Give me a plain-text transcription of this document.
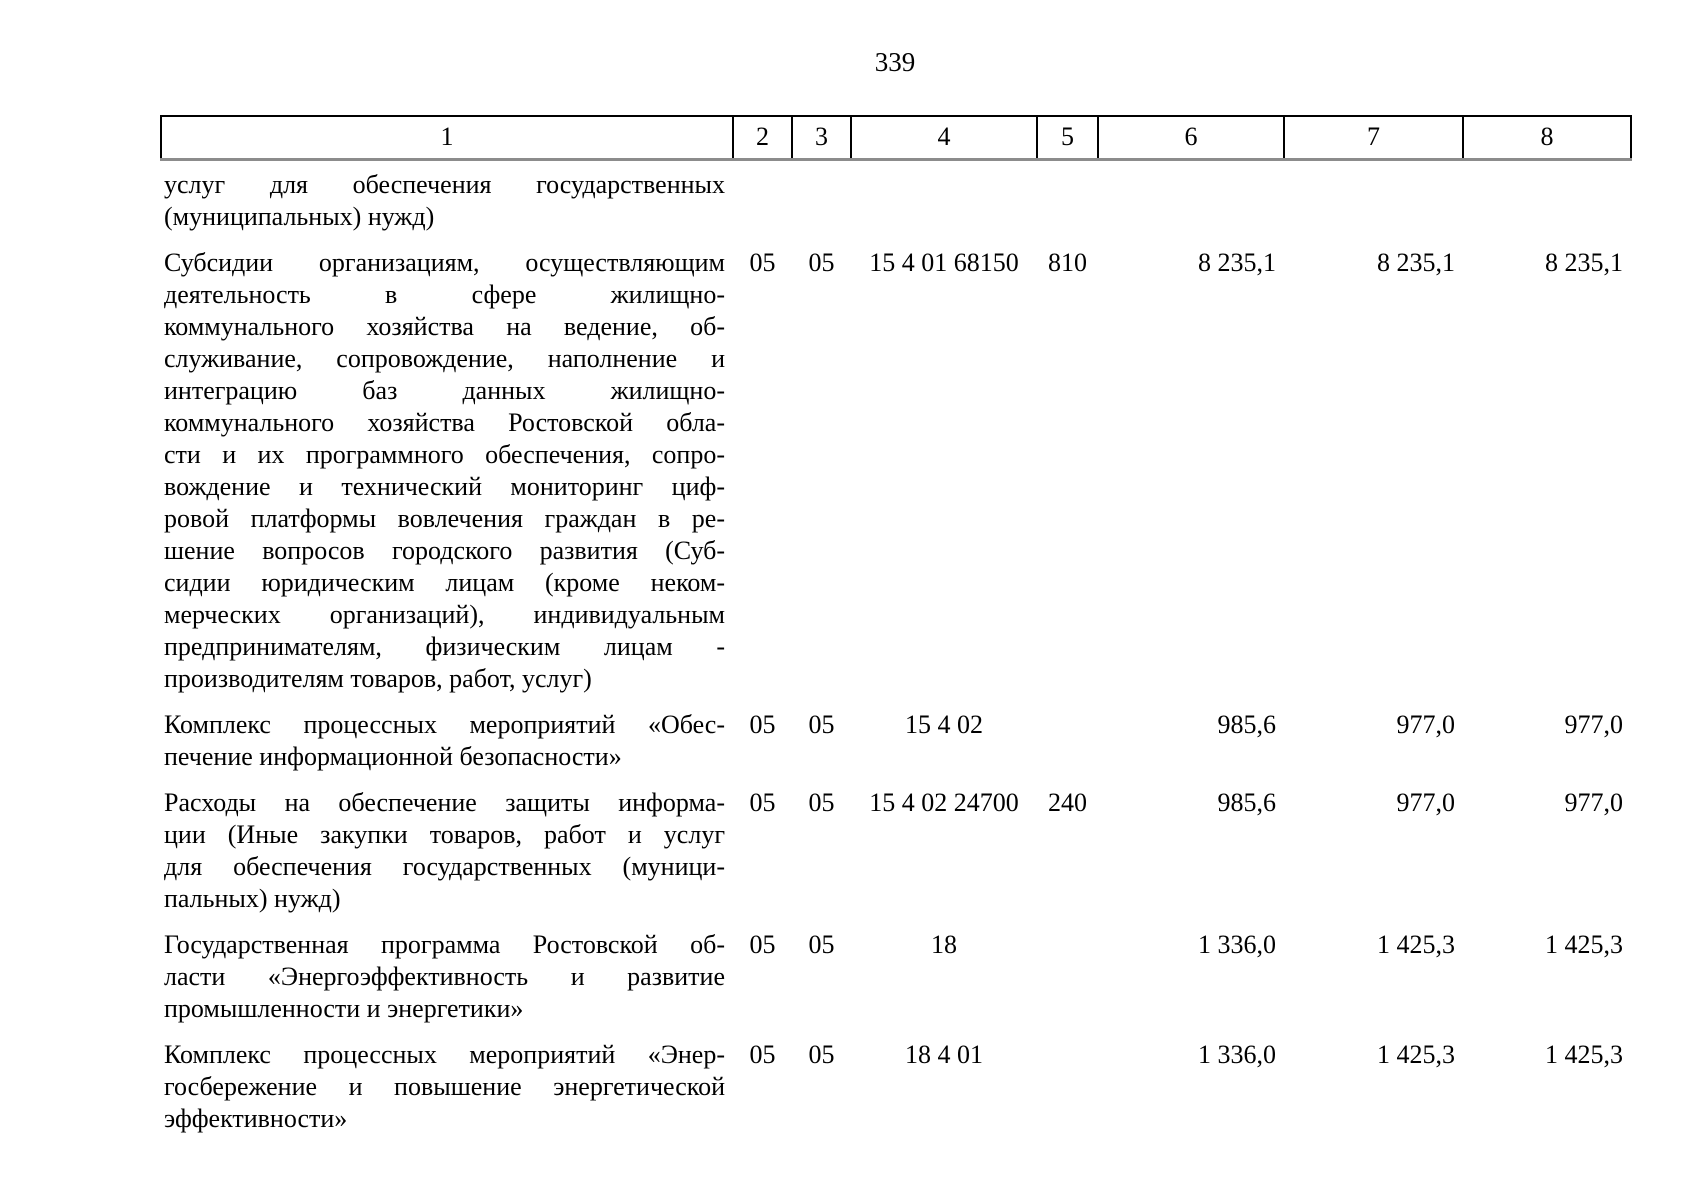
339
1	2	3	4	5	6	7	8

услуг для обеспечения государственных
(муниципальных) нужд)							

Субсидии организациям, осуществляющим
деятельность в сфере жилищно-
коммунального хозяйства на ведение, об-
служивание, сопровождение, наполнение и
интеграцию баз данных жилищно-
коммунального хозяйства Ростовской обла-
сти и их программного обеспечения, сопро-
вождение и технический мониторинг циф-
ровой платформы вовлечения граждан в ре-
шение вопросов городского развития (Суб-
сидии юридическим лицам (кроме неком-
мерческих организаций), индивидуальным
предпринимателям, физическим лицам -
производителям товаров, работ, услуг)
	05	05	15 4 01 68150	810	8 235,1	8 235,1	8 235,1

Комплекс процессных мероприятий «Обес-
печение информационной безопасности»	05	05	15 4 02		985,6	977,0	977,0

Расходы на обеспечение защиты информа-
ции (Иные закупки товаров, работ и услуг
для обеспечения государственных (муници-
пальных) нужд)	05	05	15 4 02 24700	240	985,6	977,0	977,0

Государственная программа Ростовской об-
ласти «Энергоэффективность и развитие
промышленности и энергетики»	05	05	18		1 336,0	1 425,3	1 425,3

Комплекс процессных мероприятий «Энер-
госбережение и повышение энергетической
эффективности»	05	05	18 4 01		1 336,0	1 425,3	1 425,3
